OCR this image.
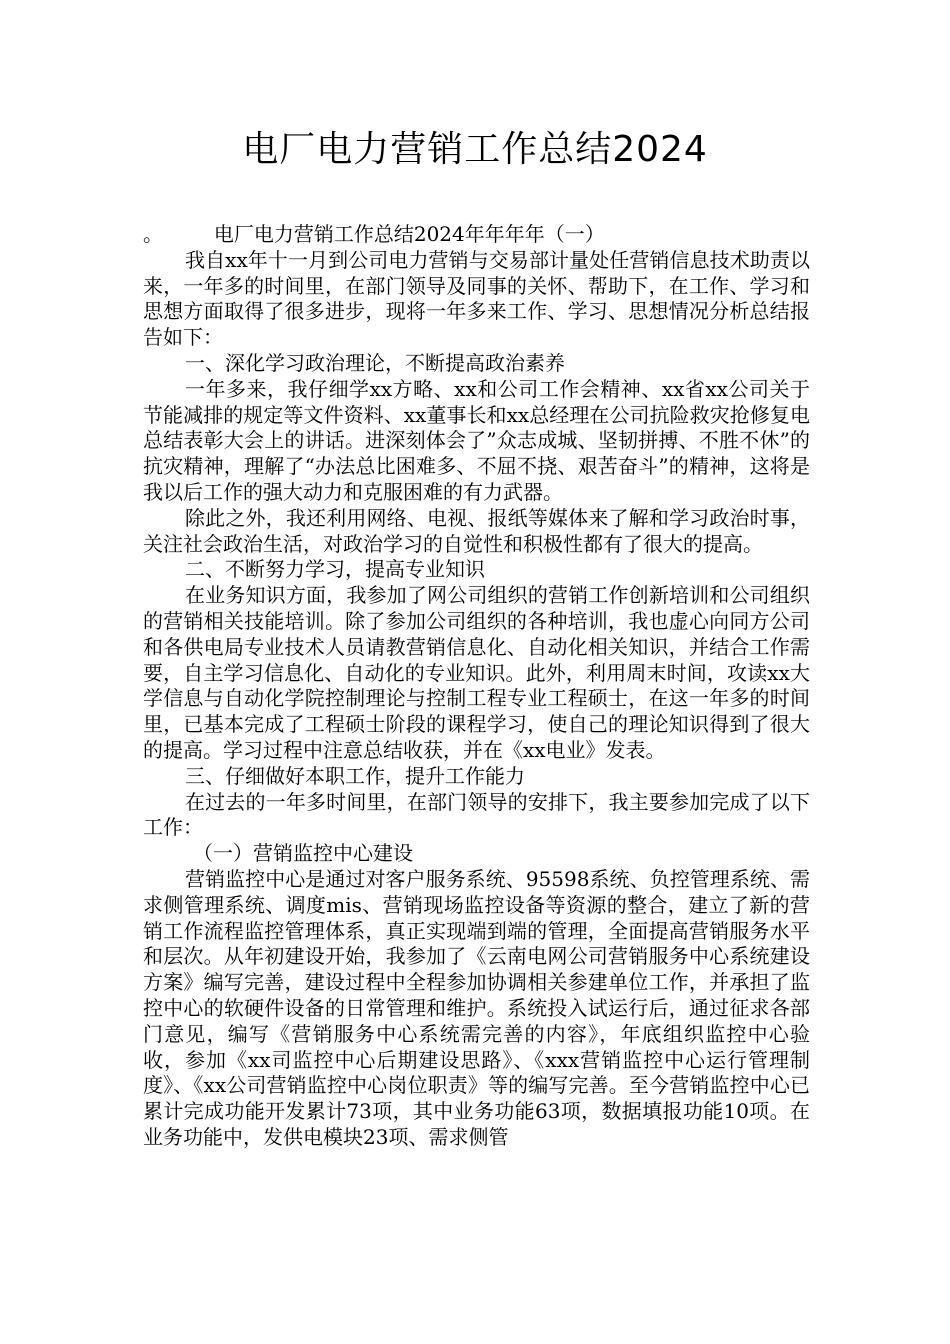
电厂电力营销工作总结2024

。	电厂电力营销工作总结2024年年年年（一）

我自xx年十一月到公司电力营销与交易部计量处任营销信息技术助责以来，一年多的时间里，在部门领导及同事的关怀、帮助下，在工作、学习和思想方面取得了很多进步，现将一年多来工作、学习、思想情况分析总结报告如下：

一、深化学习政治理论，不断提高政治素养

一年多来，我仔细学xx方略、xx和公司工作会精神、xx省xx公司关于节能减排的规定等文件资料、xx董事长和xx总经理在公司抗险救灾抢修复电总结表彰大会上的讲话。进深刻体会了”众志成城、坚韧拼搏、不胜不休”的抗灾精神，理解了“办法总比困难多、不屈不挠、艰苦奋斗”的精神，这将是我以后工作的强大动力和克服困难的有力武器。

除此之外，我还利用网络、电视、报纸等媒体来了解和学习政治时事，关注社会政治生活，对政治学习的自觉性和积极性都有了很大的提高。

二、不断努力学习，提高专业知识

在业务知识方面，我参加了网公司组织的营销工作创新培训和公司组织的营销相关技能培训。除了参加公司组织的各种培训，我也虚心向同方公司和各供电局专业技术人员请教营销信息化、自动化相关知识，并结合工作需要，自主学习信息化、自动化的专业知识。此外，利用周末时间，攻读xx大学信息与自动化学院控制理论与控制工程专业工程硕士，在这一年多的时间里，已基本完成了工程硕士阶段的课程学习，使自己的理论知识得到了很大的提高。学习过程中注意总结收获，并在《xx电业》发表。

三、仔细做好本职工作，提升工作能力

在过去的一年多时间里，在部门领导的安排下，我主要参加完成了以下工作：

（一）营销监控中心建设

营销监控中心是通过对客户服务系统、95598系统、负控管理系统、需求侧管理系统、调度mis、营销现场监控设备等资源的整合，建立了新的营销工作流程监控管理体系，真正实现端到端的管理，全面提高营销服务水平和层次。从年初建设开始，我参加了《云南电网公司营销服务中心系统建设方案》编写完善，建设过程中全程参加协调相关参建单位工作，并承担了监控中心的软硬件设备的日常管理和维护。系统投入试运行后，通过征求各部门意见，编写《营销服务中心系统需完善的内容》，年底组织监控中心验收，参加《xx司监控中心后期建设思路》、《xxx营销监控中心运行管理制度》、《xx公司营销监控中心岗位职责》等的编写完善。至今营销监控中心已累计完成功能开发累计73项，其中业务功能63项，数据填报功能10项。在业务功能中，发供电模块23项、需求侧管
